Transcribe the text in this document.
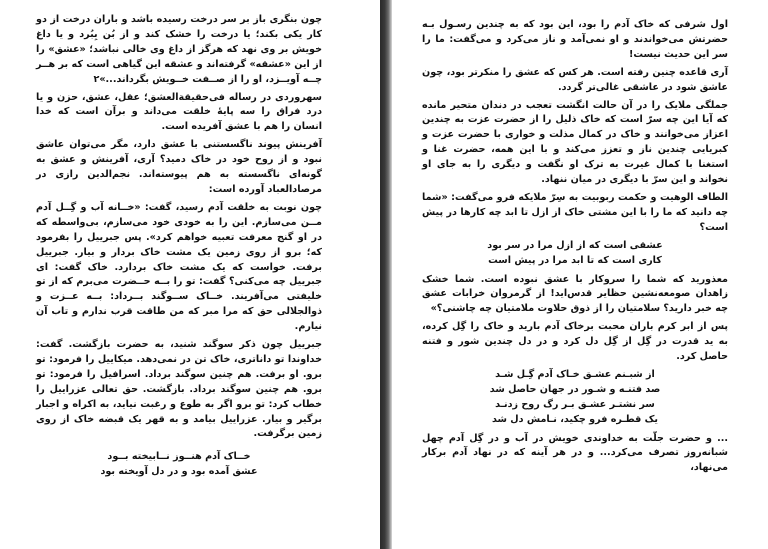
چون بنگری باز بر سر درخت رسیده باشد و باران درخت از دو کار یکی بکند؛ یا درخت را خشک کند و از بُن بِبُرد و یا داغ خویش بر وی نهد که هرگز از داغ وی خالی نباشد؛ «عشق» را از این «عشقه» گرفته‌اند و عشقه این گیاهی است که بر هــر چــه آویــزد، او را از صــفت خــویش بگرداند...»۲

سهروردی در رساله فی‌حقیقةالعشق؛ عقل، عشق، حزن و یا درد فراق را سه پایهٔ خلقت می‌داند و برآن است که خدا انسان را هم با عشق آفریده است.

آفرینش پیوند ناگسستنی با عشق دارد، مگر می‌توان عاشق نبود و از روح خود در خاک دمید؟ آری، آفرینش و عشق به گونه‌ای ناگسسته به هم پیوسته‌اند. نجم‌الدین رازی در مرصادالعباد آورده است:

چون نوبت به خلقت آدم رسید، گفت: «خــانه آب و گِــل آدم مــن می‌سازم. این را به خودی خود می‌سازم، بی‌واسطه که در او گنج معرفت تعبیه خواهم کرد». پس جبرییل را بفرمود که؛ برو از روی زمین یک مشت خاک بردار و بیار. جبرییل برفت. خواست که یک مشت خاک بردارد. خاک گفت: ای جبرییل چه می‌کنی؟ گفت: تو را بــه حــضرت می‌برم که از تو خلیفتی می‌آفریند. خــاک ســوگند بــرداد: بــه عــزت و ذوالجلالی حق که مرا مبر که من طاقت قرب ندارم و تاب آن نیارم.

جبرییل چون ذکر سوگند شنید، به حضرت بازگشت. گفت: خداوندا تو داناتری، خاک تن در نمی‌دهد. میکاییل را فرمود: تو برو. او برفت. هم چنین سوگند برداد. اسرافیل را فرمود: تو برو. هم چنین سوگند برداد. بازگشت. حق تعالی عزراییل را خطاب کرد: تو برو اگر به طوع و رغبت نیاید، به اکراه و اجبار برگیر و بیار. عزراییل بیامد و به قهر یک قبضه خاک از روی زمین برگرفت.

خــاک آدم هنــوز نــابیخته بــود

عشق آمده بود و در دل آویخته بود

اول شرفی که خاک آدم را بود، این بود که به چندین رسـول بـه حضرتش می‌خواندند و او نمی‌آمد و ناز می‌کرد و می‌گفت: ما را سر این حدیث نیست!

آری قاعده چنین رفته است. هر کس که عشق را منکرتر بود، چون عاشق شود در عاشقی غالی‌تر گردد.

جملگی ملایک را در آن حالت انگشت تعجب در دندان متحیر مانده که آیا این چه سرّ است که خاک ذلیل را از حضرت عزت به چندین اعزاز می‌خوانند و خاک در کمال مذلت و خواری با حضرت عزت و کبریایی چندین ناز و تعزز می‌کند و با این همه، حضرت غنا و استغنا با کمال غیرت به ترک او نگفت و دیگری را به جای او نخواند و این سرّ با دیگری در میان ننهاد.

الطاف الوهیت و حکمت ربوبیت به سِرّ ملایکه فرو می‌گفت: «شما چه دانید که ما را با این مشتی خاک از ازل تا ابد چه کارها در پیش است؟

عشقی است که از ازل مرا در سر بود

کاری است که تا ابد مرا در پیش است

معذورید که شما را سروکار با عشق نبوده است. شما خشک زاهدان صومعه‌نشین حظایر قدس‌اید! از گرمروان خرابات عشق چه خبر دارید؟ سلامتیان را از ذوق حلاوت ملامتیان چه چاشنی؟»

پس از ابر کرم باران محبت برخاک آدم بارید و خاک را گِل کرده، به ید قدرت در گِل از گِل دل کرد و در دل چندین شور و فتنه حاصل کرد.

از شبـنم عشـق خـاک آدم گِـل شـد

صد فتنـه و شـور در جهان حاصل شد

سر نشتـر عشـق بـر رگ روح زدنـد

یک قطـره فرو چکید، نـامش دل شد

... و حضرت جلّت به خداوندی خویش در آب و در گِل آدم چهل شبانه‌روز تصرف می‌کرد... و در هر آینه که در نهاد آدم برکار می‌نهاد،
